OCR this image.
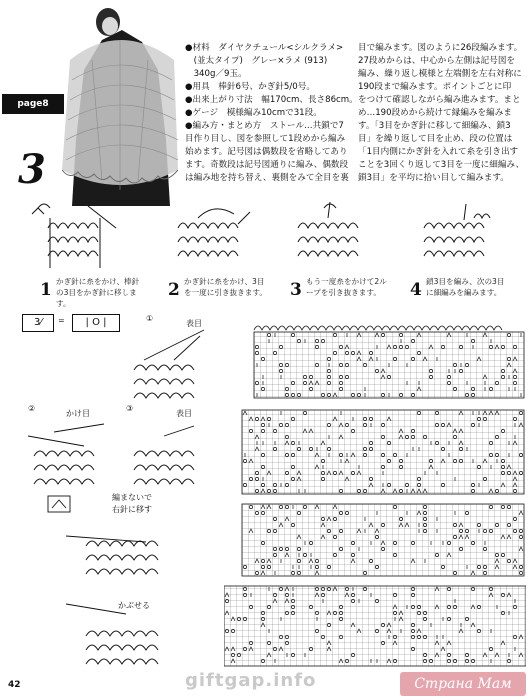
page8
3
●材料　ダイヤクチュール<シルクラメ>
　(並太タイプ)　グレー×ラメ (913)
　340g／9玉。
●用具　棒針6号、かぎ針5/0号。
●出来上がり寸法　幅170cm、長さ86cm。
●ゲージ　模様編み10cmで31段。
●編み方・まとめ方　ストール…共鎖で7
目作り目し、図を参照して1段めから編み
始めます。記号図は偶数段を省略してあり
ます。奇数段は記号図通りに編み、偶数段
は編み地を持ち替え、裏側をみて全目を裏
目で編みます。図のように26段編みます。
27段めからは、中心から左側は記号図を
編み、繰り返し模様と左端側を左右対称に
190段まで編みます。ポイントごとに印
をつけて確認しながら編み進みます。まと
め…190段めから続けて縁編みを編みま
す。「3目をかぎ針に移して細編み、鎖3
目」を繰り返して目を止め、段の位置は
「1目内側にかぎ針を入れて糸を引き出す
ことを3回くり返して3目を一度に細編み、
鎖3目」を平均に拾い目して編みます。
1 かぎ針に糸をかけ、棒針
の3目をかぎ針に移しま
す。
2 かぎ針に糸をかけ、3目
を一度に引き抜きます。	3 もう一度糸をかけて2ル
ープを引き抜きます。	4 鎖3目を編み、次の3目
に細編みを編みます。
3⁄	=	| O |	①
表目
②
かけ目
③
表目
編まないで
右針に移す
かぶせる
42	giftgap.info	Страна Мам
